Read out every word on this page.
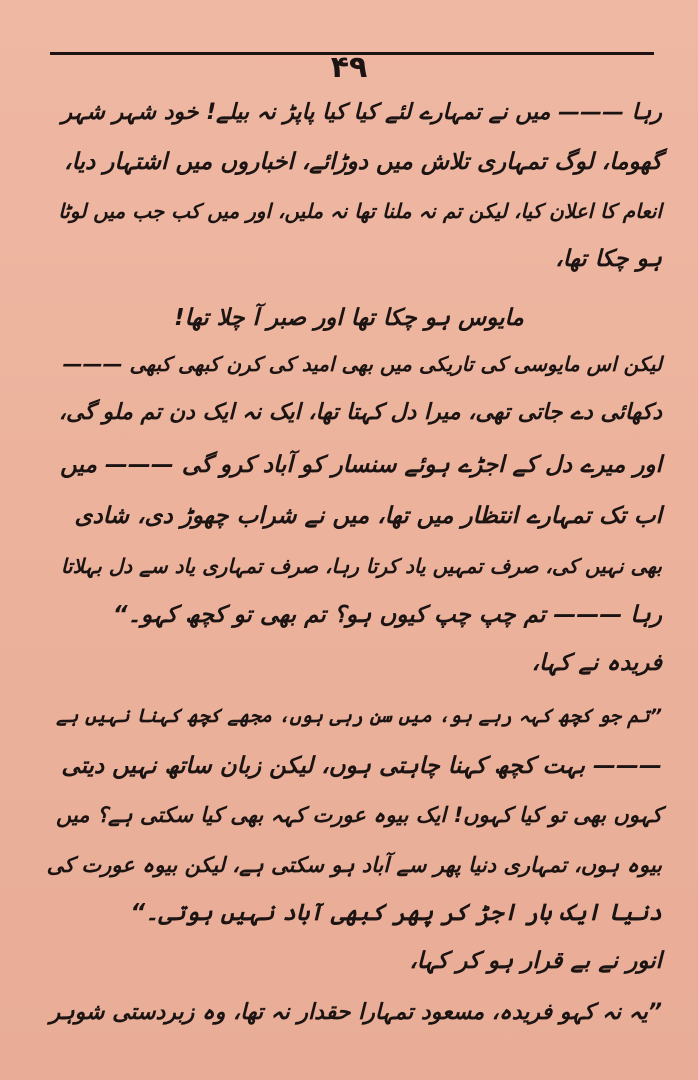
۴۹
رہا ——— میں نے تمہارے لئے کیا کیا پاپڑ نہ بیلے! خود شہر شہر
گھوما، لوگ تمہاری تلاش میں دوڑائے، اخباروں میں اشتہار دیا،
انعام کا اعلان کیا، لیکن تم نہ ملنا تھا نہ ملیں، اور میں کب جب میں لوٹا
ہو چکا تھا،
مایوس ہو چکا تھا اور صبر آ چلا تھا!
لیکن اس مایوسی کی تاریکی میں بھی امید کی کرن کبھی کبھی ———
دکھائی دے جاتی تھی، میرا دل کہتا تھا، ایک نہ ایک دن تم ملو گی،
اور میرے دل کے اجڑے ہوئے سنسار کو آباد کرو گی ——— میں
اب تک تمہارے انتظار میں تھا، میں نے شراب چھوڑ دی، شادی
بھی نہیں کی، صرف تمہیں یاد کرتا رہا، صرف تمہاری یاد سے دل بہلاتا
رہا ——— تم چپ چپ کیوں ہو؟ تم بھی تو کچھ کہو۔“
فریدہ نے کہا،
”تم جو کچھ کہہ رہے ہو، میں سن رہی ہوں، مجھے کچھ کہنا نہیں ہے
——— بہت کچھ کہنا چاہتی ہوں، لیکن زبان ساتھ نہیں دیتی
کہوں بھی تو کیا کہوں! ایک بیوہ عورت کہہ بھی کیا سکتی ہے؟ میں
بیوہ ہوں، تمہاری دنیا پھر سے آباد ہو سکتی ہے، لیکن بیوہ عورت کی
دنیا ایک بار اجڑ کر پھر کبھی آباد نہیں ہوتی۔“
انور نے بے قرار ہو کر کہا،
”یہ نہ کہو فریدہ، مسعود تمہارا حقدار نہ تھا، وہ زبردستی شوہر
